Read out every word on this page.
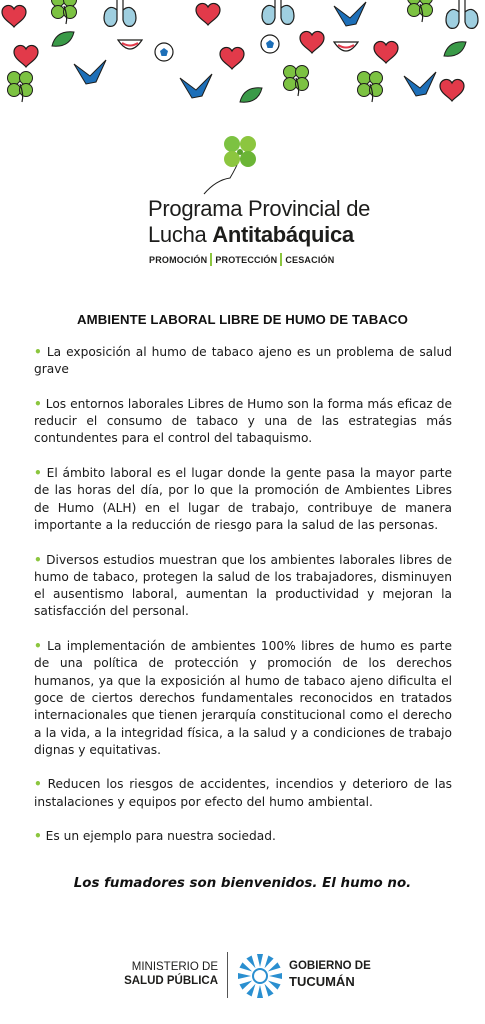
Programa Provincial de
Lucha Antitabáquica
PROMOCIÓN PROTECCIÓN CESACIÓN
AMBIENTE LABORAL LIBRE DE HUMO DE TABACO

• La exposición al humo de tabaco ajeno es un problema de salud grave

• Los entornos laborales Libres de Humo son la forma más eficaz de reducir el consumo de tabaco y una de las estrategias más contundentes para el control del tabaquismo.

• El ámbito laboral es el lugar donde la gente pasa la mayor parte de las horas del día, por lo que la promoción de Ambientes Libres de Humo (ALH) en el lugar de trabajo, contribuye de manera importante a la reducción de riesgo para la salud de las personas.

• Diversos estudios muestran que los ambientes laborales libres de humo de tabaco, protegen la salud de los trabajadores, disminuyen el ausentismo laboral, aumentan la productividad y mejoran la satisfacción del personal.

• La implementación de ambientes 100% libres de humo es parte de una política de protección y promoción de los derechos humanos, ya que la exposición al humo de tabaco ajeno dificulta el goce de ciertos derechos fundamentales reconocidos en tratados internacionales que tienen jerarquía constitucional como el derecho a la vida, a la integridad física, a la salud y a condiciones de trabajo dignas y equitativas.

• Reducen los riesgos de accidentes, incendios y deterioro de las instalaciones y equipos por efecto del humo ambiental.

• Es un ejemplo para nuestra sociedad.

Los fumadores son bienvenidos. El humo no.
MINISTERIO DE
SALUD PÚBLICA
GOBIERNO DE
TUCUMÁN
